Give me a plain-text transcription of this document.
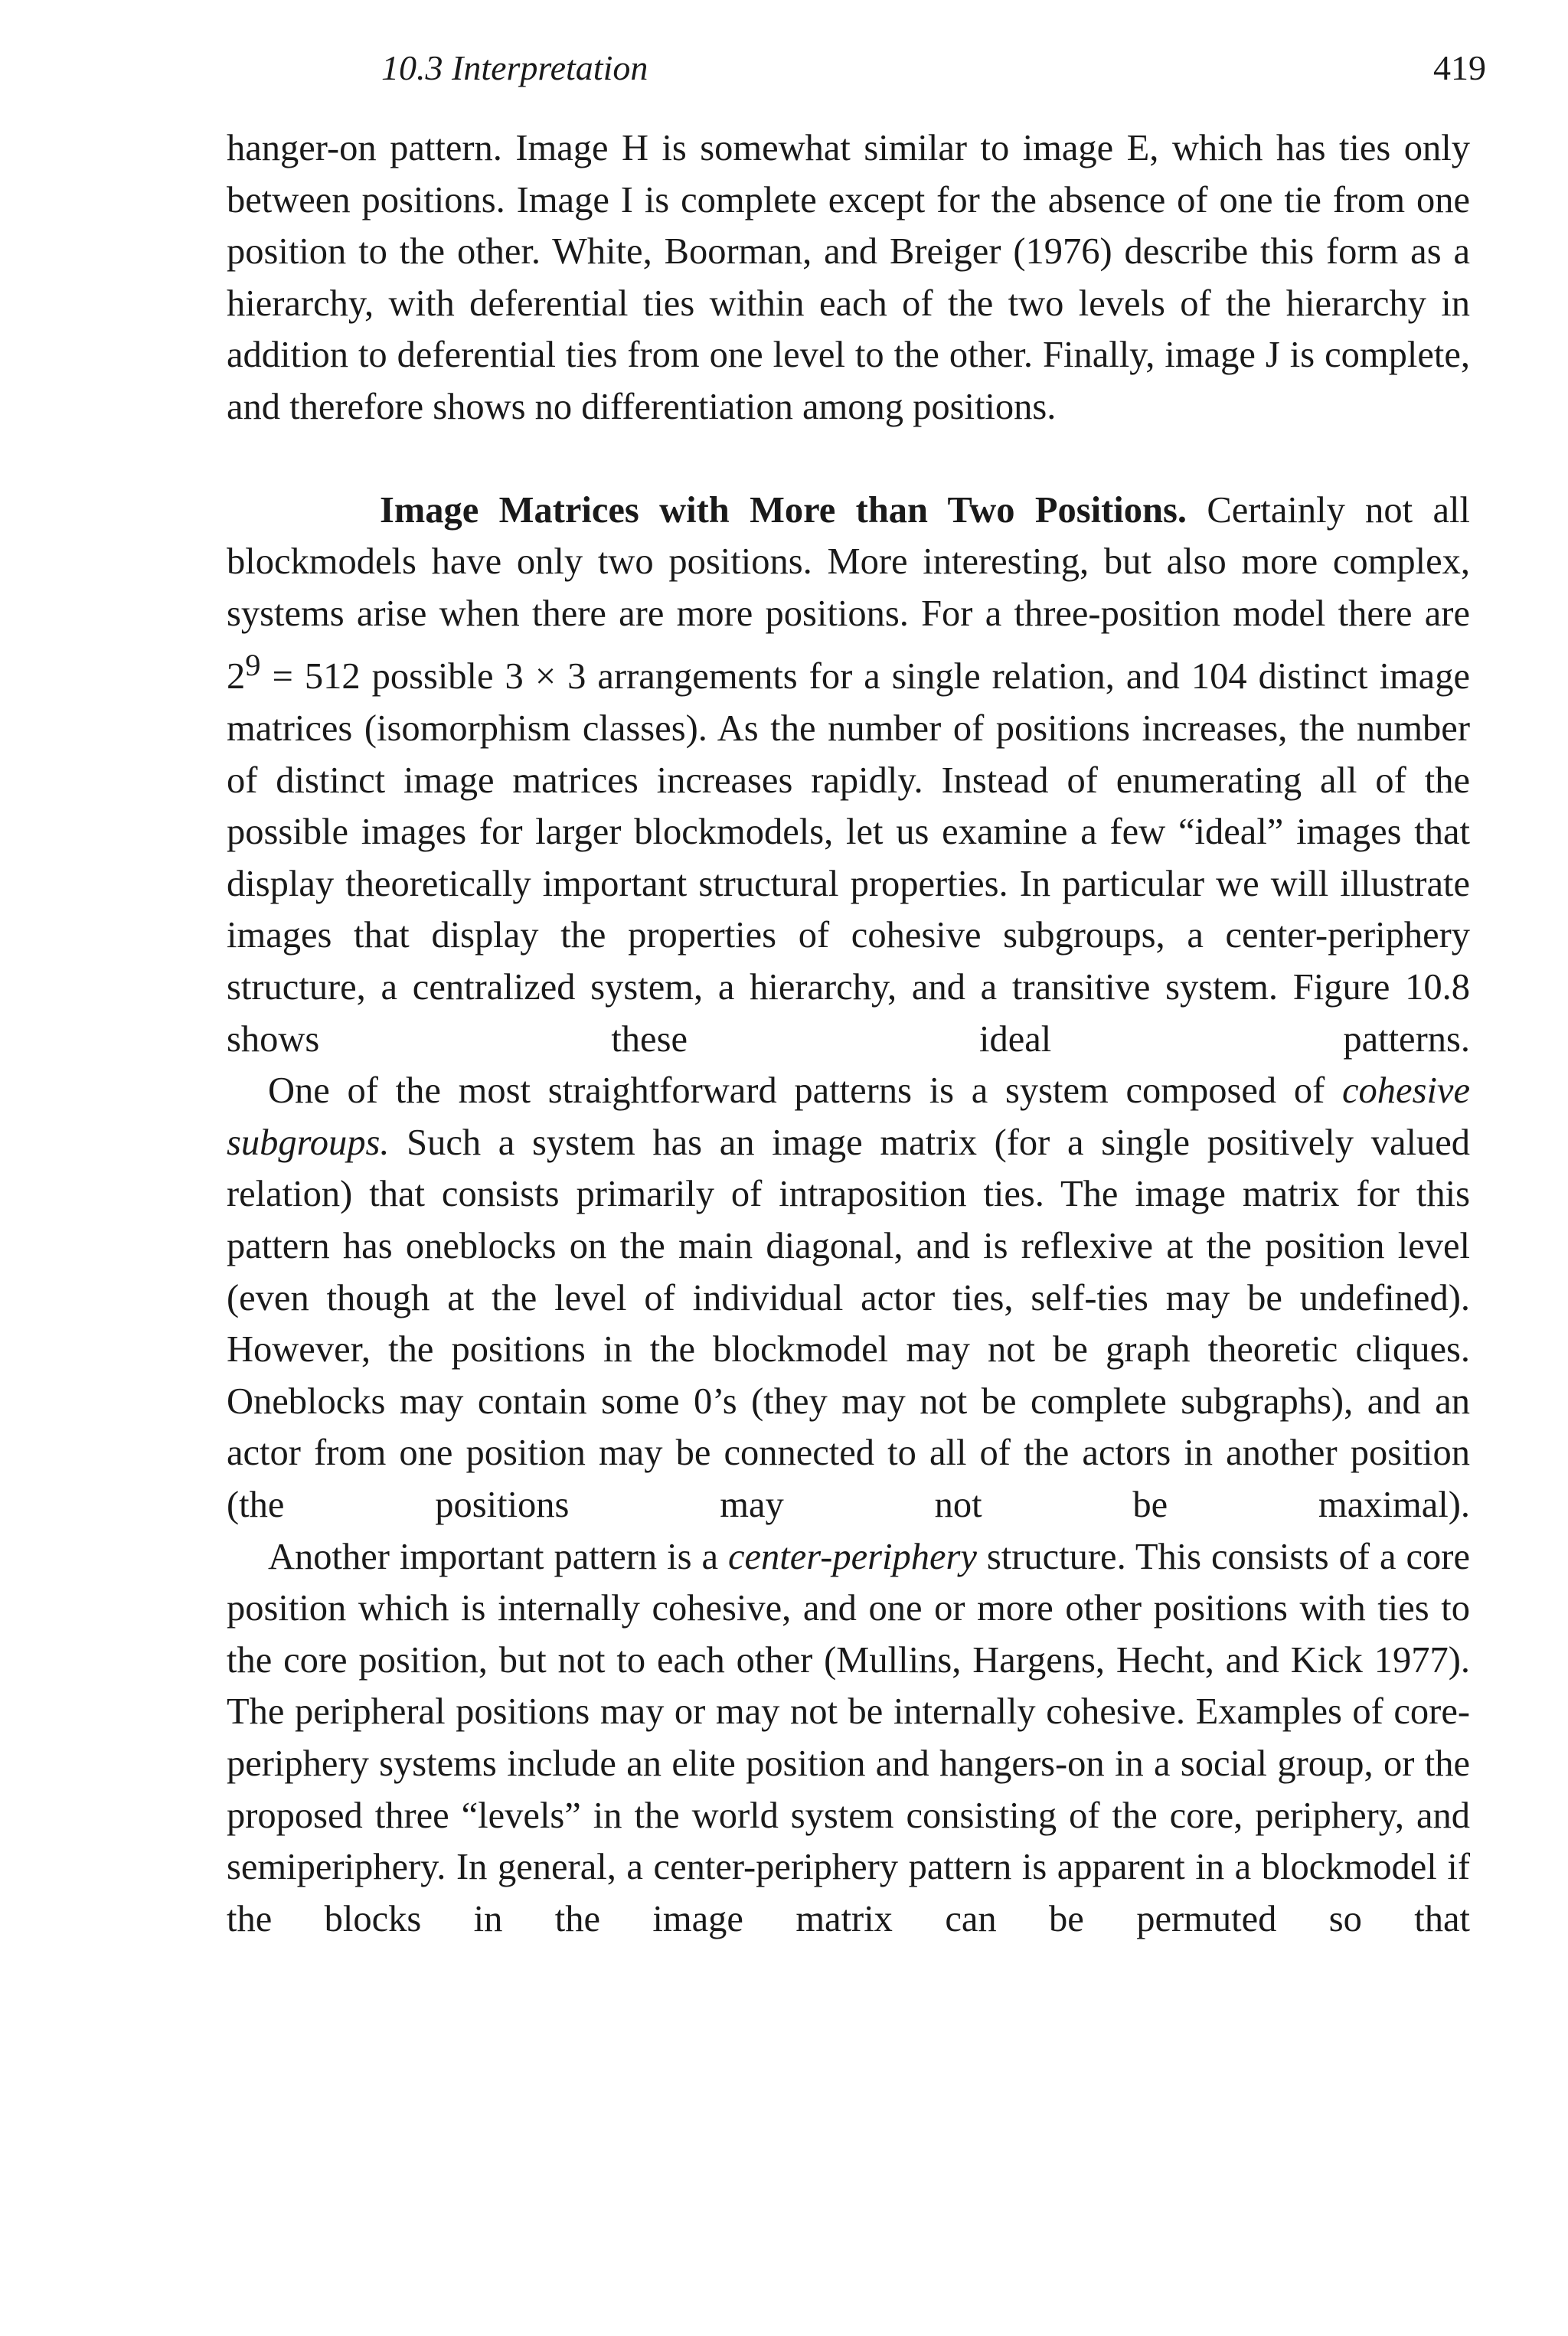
10.3 Interpretation	419

hanger-on pattern. Image H is somewhat similar to image E, which has ties only between positions. Image I is complete except for the absence of one tie from one position to the other. White, Boorman, and Breiger (1976) describe this form as a hierarchy, with deferential ties within each of the two levels of the hierarchy in addition to deferential ties from one level to the other. Finally, image J is complete, and therefore shows no differentiation among positions.

Image Matrices with More than Two Positions. Certainly not all blockmodels have only two positions. More interesting, but also more complex, systems arise when there are more positions. For a three-position model there are $2^9 = 512$ possible 3 × 3 arrangements for a single relation, and 104 distinct image matrices (isomorphism classes). As the number of positions increases, the number of distinct image matrices increases rapidly. Instead of enumerating all of the possible images for larger blockmodels, let us examine a few “ideal” images that display theoretically important structural properties. In particular we will illustrate images that display the properties of cohesive subgroups, a center-periphery structure, a centralized system, a hierarchy, and a transitive system. Figure 10.8 shows these ideal patterns.

One of the most straightforward patterns is a system composed of cohesive subgroups. Such a system has an image matrix (for a single positively valued relation) that consists primarily of intraposition ties. The image matrix for this pattern has oneblocks on the main diagonal, and is reflexive at the position level (even though at the level of individual actor ties, self-ties may be undefined). However, the positions in the blockmodel may not be graph theoretic cliques. Oneblocks may contain some 0’s (they may not be complete subgraphs), and an actor from one position may be connected to all of the actors in another position (the positions may not be maximal).

Another important pattern is a center-periphery structure. This consists of a core position which is internally cohesive, and one or more other positions with ties to the core position, but not to each other (Mullins, Hargens, Hecht, and Kick 1977). The peripheral positions may or may not be internally cohesive. Examples of core-periphery systems include an elite position and hangers-on in a social group, or the proposed three “levels” in the world system consisting of the core, periphery, and semiperiphery. In general, a center-periphery pattern is apparent in a blockmodel if the blocks in the image matrix can be permuted so that
